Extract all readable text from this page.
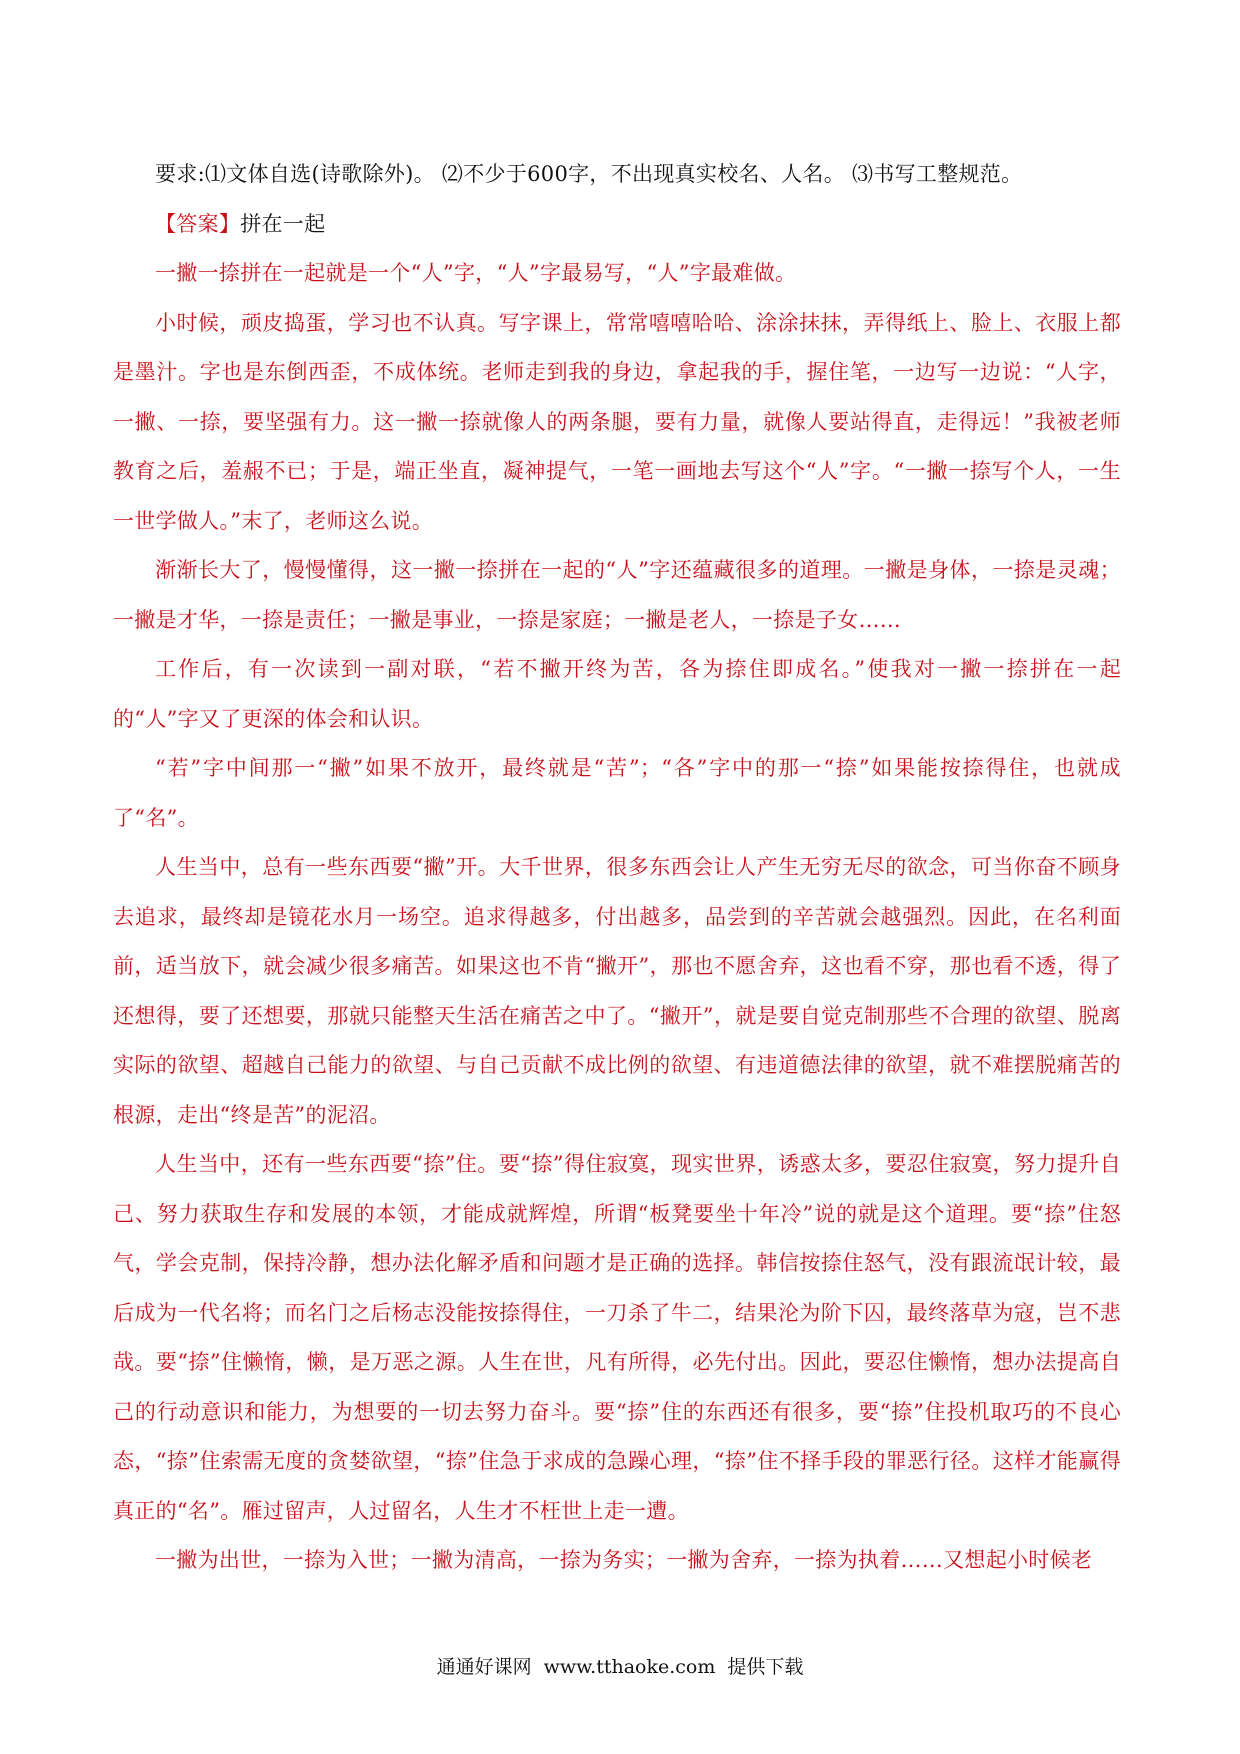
要求:⑴文体自选(诗歌除外)。 ⑵不少于600字，不出现真实校名、人名。 ⑶书写工整规范。

【答案】拼在一起

一撇一捺拼在一起就是一个“人”字，“人”字最易写，“人”字最难做。

小时候，顽皮捣蛋，学习也不认真。写字课上，常常嘻嘻哈哈、涂涂抹抹，弄得纸上、脸上、衣服上都是墨汁。字也是东倒西歪，不成体统。老师走到我的身边，拿起我的手，握住笔，一边写一边说：“人字，一撇、一捺，要坚强有力。这一撇一捺就像人的两条腿，要有力量，就像人要站得直，走得远！”我被老师教育之后，羞赧不已；于是，端正坐直，凝神提气，一笔一画地去写这个“人”字。“一撇一捺写个人，一生一世学做人。”末了，老师这么说。

渐渐长大了，慢慢懂得，这一撇一捺拼在一起的“人”字还蕴藏很多的道理。一撇是身体，一捺是灵魂；一撇是才华，一捺是责任；一撇是事业，一捺是家庭；一撇是老人，一捺是子女……

工作后，有一次读到一副对联，“若不撇开终为苦，各为捺住即成名。”使我对一撇一捺拼在一起的“人”字又了更深的体会和认识。

“若”字中间那一“撇”如果不放开，最终就是“苦”；“各”字中的那一“捺”如果能按捺得住，也就成了“名”。

人生当中，总有一些东西要“撇”开。大千世界，很多东西会让人产生无穷无尽的欲念，可当你奋不顾身去追求，最终却是镜花水月一场空。追求得越多，付出越多，品尝到的辛苦就会越强烈。因此，在名利面前，适当放下，就会减少很多痛苦。如果这也不肯“撇开”，那也不愿舍弃，这也看不穿，那也看不透，得了还想得，要了还想要，那就只能整天生活在痛苦之中了。“撇开”，就是要自觉克制那些不合理的欲望、脱离实际的欲望、超越自己能力的欲望、与自己贡献不成比例的欲望、有违道德法律的欲望，就不难摆脱痛苦的根源，走出“终是苦”的泥沼。

人生当中，还有一些东西要“捺”住。要“捺”得住寂寞，现实世界，诱惑太多，要忍住寂寞，努力提升自己、努力获取生存和发展的本领，才能成就辉煌，所谓“板凳要坐十年冷”说的就是这个道理。要“捺”住怒气，学会克制，保持冷静，想办法化解矛盾和问题才是正确的选择。韩信按捺住怒气，没有跟流氓计较，最后成为一代名将；而名门之后杨志没能按捺得住，一刀杀了牛二，结果沦为阶下囚，最终落草为寇，岂不悲哉。要“捺”住懒惰，懒，是万恶之源。人生在世，凡有所得，必先付出。因此，要忍住懒惰，想办法提高自己的行动意识和能力，为想要的一切去努力奋斗。要“捺”住的东西还有很多，要“捺”住投机取巧的不良心态，“捺”住索需无度的贪婪欲望，“捺”住急于求成的急躁心理，“捺”住不择手段的罪恶行径。这样才能赢得真正的“名”。雁过留声，人过留名，人生才不枉世上走一遭。

一撇为出世，一捺为入世；一撇为清高，一捺为务实；一撇为舍弃，一捺为执着……又想起小时候老

通通好课网 www.tthaoke.com 提供下载
